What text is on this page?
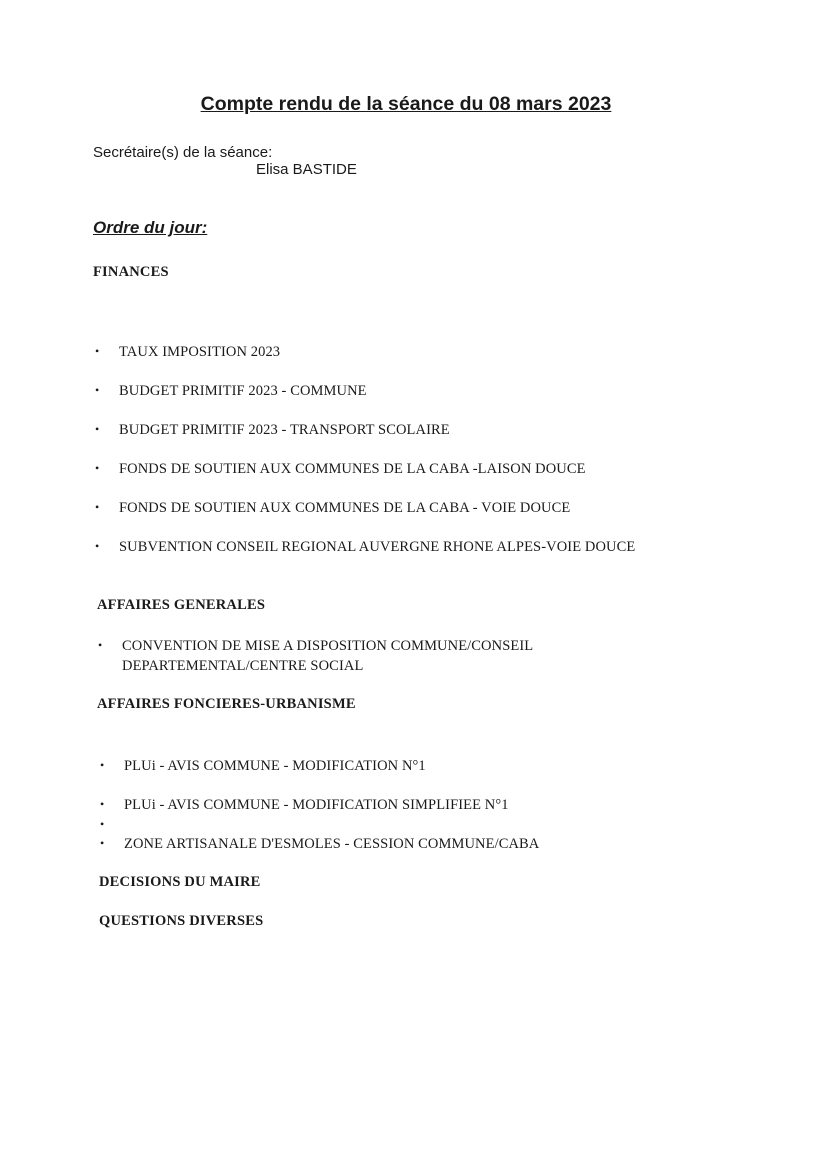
Compte rendu de la séance du 08 mars 2023
Secrétaire(s) de la séance:
Elisa BASTIDE
Ordre du jour:
FINANCES
• TAUX IMPOSITION 2023
• BUDGET PRIMITIF 2023 - COMMUNE
• BUDGET PRIMITIF 2023 - TRANSPORT SCOLAIRE
• FONDS DE SOUTIEN AUX COMMUNES DE LA CABA -LAISON DOUCE
• FONDS DE SOUTIEN AUX COMMUNES DE LA CABA - VOIE DOUCE
• SUBVENTION CONSEIL REGIONAL AUVERGNE RHONE ALPES-VOIE DOUCE
AFFAIRES GENERALES
• CONVENTION DE MISE A DISPOSITION COMMUNE/CONSEIL
DEPARTEMENTAL/CENTRE SOCIAL
AFFAIRES FONCIERES-URBANISME
• PLUi - AVIS COMMUNE - MODIFICATION N°1
• PLUi - AVIS COMMUNE - MODIFICATION SIMPLIFIEE N°1
•
• ZONE ARTISANALE D'ESMOLES - CESSION COMMUNE/CABA
DECISIONS DU MAIRE
QUESTIONS DIVERSES
